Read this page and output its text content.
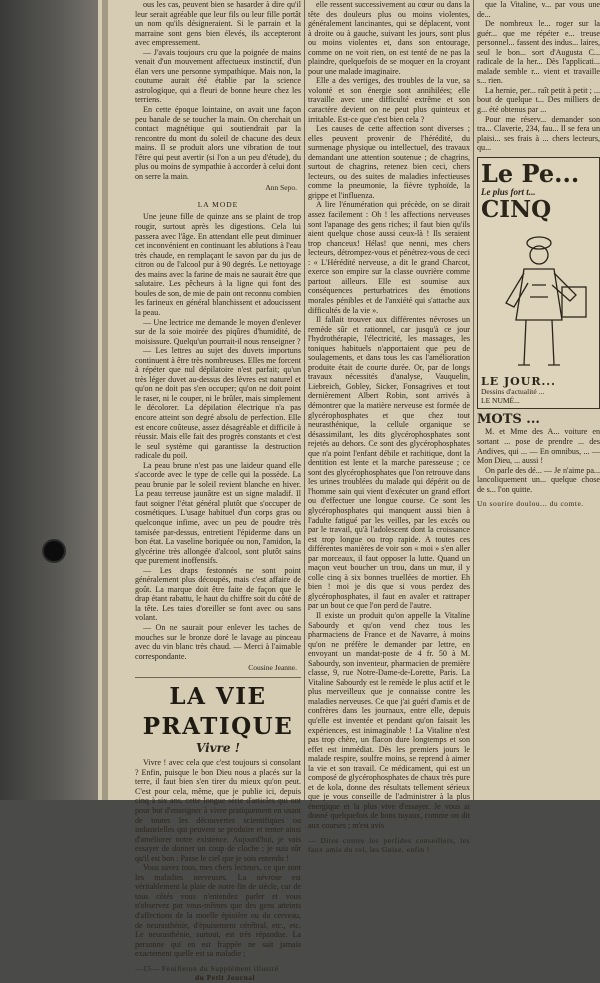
ous les cas, peuvent bien se hasarder à dire qu'il leur serait agréable que leur fils ou leur fille portât un nom qu'ils désigneraient. Si le parrain et la marraine sont gens bien élevés, ils accepteront avec empressement.

— J'avais toujours cru que la poignée de mains venait d'un mouvement affectueux instinctif, d'un élan vers une personne sympathique. Mais non, la coutume aurait été établie par la science astrologique, qui a fleuri de bonne heure chez les terriens.

En cette époque lointaine, on avait une façon peu banale de se toucher la main. On cherchait un contact magnétique qui soutiendrait par la rencontre du mont du soleil de chacune des deux mains. Il se produit alors une vibration de tout l'être qui peut avertir (si l'on a un peu d'étude), du plus ou moins de sympathie à accorder à celui dont on serre la main.

Ann Sepo.
LA MODE

Une jeune fille de quinze ans se plaint de trop rougir, surtout après les digestions. Cela lui passera avec l'âge. En attendant elle peut diminuer cet inconvénient en continuant les ablutions à l'eau très chaude, en remplaçant le savon par du jus de citron ou de l'alcool pur à 90 degrés. Le nettoyage des mains avec la farine de mais ne saurait être que salutaire. Les pêcheurs à la ligne qui font des boules de son, de mie de pain ont reconnu combien les farineux en général blanchissent et adoucissent la peau.

— Une lectrice me demande le moyen d'enlever sur de la soie moirée des piqûres d'humidité, de moisissure. Quelqu'un pourrait-il nous renseigner ?

— Les lettres au sujet des duvets importuns continuent à être très nombreuses. Elles me forcent à répéter que nul dépilatoire n'est parfait; qu'un très léger duvet au-dessus des lèvres est naturel et qu'on ne doit pas s'en occuper; qu'on ne doit point le raser, ni le couper, ni le brûler, mais simplement le décolorer. La dépilation électrique n'a pas encore atteint son degré absolu de perfection. Elle est encore coûteuse, assez désagréable et difficile à réussir. Mais elle fait des progrès constants et c'est le seul système qui garantisse la destruction radicale du poil.

La peau brune n'est pas une laideur quand elle s'accorde avec le type de celle qui la possède. La peau brunie par le soleil revient blanche en hiver. La peau terreuse jaunâtre est un signe maladif. Il faut soigner l'état général plutôt que s'occuper de cosmétiques. L'usage habituel d'un corps gras ou quelconque infime, avec un peu de poudre très tamisée par-dessus, entretient l'épiderme dans un bon état. La vaseline boriquée ou non, l'amidon, la glycérine très allongée d'alcool, sont plutôt sains que purement inoffensifs.

— Les draps festonnés ne sont point généralement plus découpés, mais c'est affaire de goût. La marque doit être faite de façon que le drap étant rabattu, le haut du chiffre soit du côté de la tête. Les taies d'oreiller se font avec ou sans volant.

— On ne saurait pour enlever les taches de mouches sur le bronze doré le lavage au pinceau avec du vin blanc très chaud. — Merci à l'aimable correspondante.

Cousine Jeanne.
LA VIE PRATIQUE
Vivre !

Vivre ! avec cela que c'est toujours si consolant ? Enfin, puisque le bon Dieu nous a placés sur la terre, il faut bien s'en tirer du mieux qu'on peut. C'est pour cela, même, que je publie ici, depuis cinq à six ans, cette longue série d'articles qui ont pour but d'enseigner à vivre pratiquement en usant de toutes les découvertes scientifiques ou industrielles qui peuvent se produire et tenter ainsi d'améliorer notre existence. Aujourd'hui, je vais essayer de donner un coup de cloche ; je suis sûr qu'il est bon : Passe le ciel que je sois entendu !

Vous savez tous, mes chers lecteurs, ce que sont les maladies nerveuses. La névrose est véritablement la plaie de notre fin de siècle, car de tous côtés vous n'entendez parler et vous n'observez par vous-mêmes que des gens atteints d'affections de la moelle épinière ou du cerveau, de neurasthénie, d'épuisement cérébral, etc., etc. Le neurasthénie, surtout, est très répandue. La personne qui en est frappée ne sait jamais exactement quelle est sa maladie ;

—15— Feuilleton du Supplément illustré
du Petit Journal

elle ressent successivement au cœur ou dans la tête des douleurs plus ou moins violentes, généralement lancinantes, qui se déplacent, vont à droite ou à gauche, suivant les jours, sont plus ou moins violentes et, dans son entourage, comme on ne voit rien, on est tenté de ne pas la plaindre, quelquefois de se moquer en la croyant pour une malade imaginaire.

Elle a des vertiges, des troubles de la vue, sa volonté et son énergie sont annihilées; elle travaille avec une difficulté extrême et son caractère devient on ne peut plus quinteux et irritable. Est-ce que c'est bien cela ?

Les causes de cette affection sont diverses ; elles peuvent provenir de l'hérédité, du surmenage physique ou intellectuel, des travaux demandant une attention soutenue ; de chagrins, surtout de chagrins, retenez bien ceci, chers lecteurs, ou des suites de maladies infectieuses comme la pneumonie, la fièvre typhoïde, la grippe et l'influenza.

A lire l'énumération qui précède, on se dirait assez facilement : Oh ! les affections nerveuses sont l'apanage des gens riches; il faut bien qu'ils aient quelque chose aussi ceux-là ! Ils seraient trop chanceux! Hélas! que nenni, mes chers lecteurs, détrompez-vous et pénétrez-vous de ceci : « L'Hérédité nerveuse, a dit le grand Charcot, exerce son empire sur la classe ouvrière comme partout ailleurs. Elle est soumise aux conséquences perturbatrices des émotions morales pénibles et de l'anxiété qui s'attache aux difficultés de la vie ».

Il fallait trouver aux différentes névroses un remède sûr et rationnel, car jusqu'à ce jour l'hydrothérapie, l'électricité, les massages, les toniques habituels n'apportaient que peu de soulagements, et dans tous les cas l'amélioration produite était de courte durée. Or, par de longs travaux nécessités d'analyse, Vauquelin, Liebreich, Gobley, Sicker, Fonsagrives et tout dernièrement Albert Robin, sont arrivés à démontrer que la matière nerveuse est formée de glycérophosphates et que chez tout neurasthénique, la cellule organique se désassimilant, les dits glycérophosphates sont rejetés au dehors. Ce sont des glycérophosphates que n'a point l'enfant débile et rachitique, dont la dentition est lente et la marche paresseuse ; ce sont des glycérophosphates que l'on retrouve dans les urines troublées du malade qui dépérit ou de l'homme sain qui vient d'exécuter un grand effort ou d'effectuer une longue course. Ce sont les glycérophosphates qui manquent aussi bien à l'adulte fatigué par les veilles, par les excès ou par le travail, qu'à l'adolescent dont la croissance est trop longue ou trop rapide. A toutes ces différentes manières de voir son « moi » s'en aller par morceaux, il faut opposer la lutte. Quand un maçon veut boucher un trou, dans un mur, il y colle cinq à six bonnes truellées de mortier. Eh bien ! moi je dis que si vous perdez des glycérophosphates, il faut en avaler et rattraper par un bout ce que l'on perd de l'autre.

Il existe un produit qu'on appelle la Vitaline Sabourdy et qu'on vend chez tous les pharmaciens de France et de Navarre, à moins qu'on ne préfère le demander par lettre, en envoyant un mandat-poste de 4 fr. 50 à M. Sabourdy, son inventeur, pharmacien de première classe, 9, rue Notre-Dame-de-Lorette, Paris. La Vitaline Sabourdy est le remède le plus actif et le plus merveilleux que je connaisse contre les maladies nerveuses. Ce que j'ai guéri d'amis et de confrères dans les journaux, entre elle, depuis qu'elle est inventée et pendant qu'on faisait les expériences, est inimaginable ! La Vitaline n'est pas trop chère, un flacon dure longtemps et son effet est immédiat. Dès les premiers jours le malade respire, soulfre moins, se reprend à aimer la vie et son travail. Ce médicament, qui est un composé de glycérophosphates de chaux très pure et de kola, donne des résultats tellement sérieux que je vous conseille de l'administrer à la plus énergique et la plus vive d'essayer. Je vous ai donné quelquefois de bons tuyaux, comme on dit aux courses ; m'est avis

— Dites contre les perfides conseillers, les faux amis du roi, les Guise, enfin !

que la Vitaline, v... par vous une de...

De nombreux le... roger sur la guér... que me répéter e... treuse personnel... fassent des indus... laires, seul le bon... sort d'Augusta C... radicale de la her... Dès l'applicati... malade semble r... vient et travaille s... rien.

La hernie, per... raît petit à petit ; ... bout de quelque t... Des milliers de g... été obtenus par ...

Pour me réserv... demander son tra... Claverie, 234, fau... Il se fera un plaisi... ses frais à ... chers lecteurs, qu...

Le Pe...
Le plus fort t...
CINQ
LE JOUR...
Dessins d'actualité ...
LE NUMÉ...
MOTS ...

M. et Mme des A... voiture en sortant ... pose de prendre ... des Andives, qui ... — En omnibus, ... — Mon Dieu, ... aussi !

On parle des dé... — Je n'aime pa... lancoliquement un... quelque chose de s... l'on quitte.

Un sourire doulou... du comte.
